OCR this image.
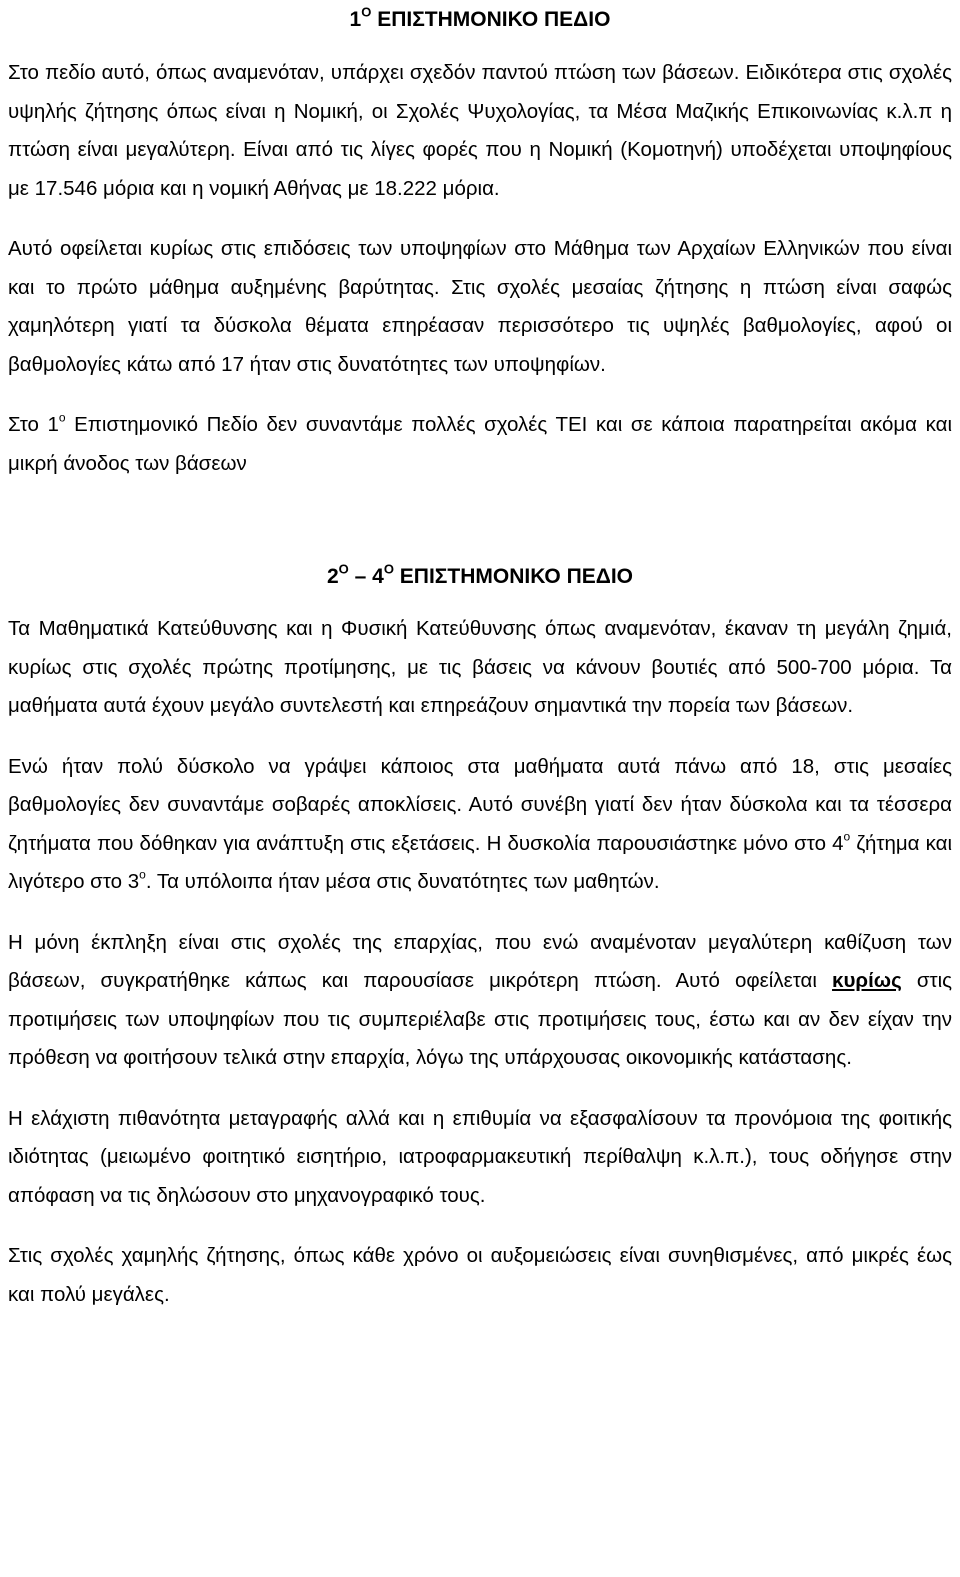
$1^O$ ΕΠΙΣΤΗΜΟΝΙΚΟ ΠΕΔΙΟ

Στο πεδίο αυτό, όπως αναμενόταν, υπάρχει σχεδόν παντού πτώση των βάσεων. Ειδικότερα στις σχολές υψηλής ζήτησης όπως είναι η Νομική, οι Σχολές Ψυχολογίας, τα Μέσα Μαζικής Επικοινωνίας κ.λ.π η πτώση είναι μεγαλύτερη. Είναι από τις λίγες φορές που η Νομική (Κομοτηνή) υποδέχεται υποψηφίους με 17.546 μόρια και η νομική Αθήνας με 18.222 μόρια.

Αυτό οφείλεται κυρίως στις επιδόσεις των υποψηφίων στο Μάθημα των Αρχαίων Ελληνικών που είναι και το πρώτο μάθημα αυξημένης βαρύτητας. Στις σχολές μεσαίας ζήτησης η πτώση είναι σαφώς χαμηλότερη γιατί τα δύσκολα θέματα επηρέασαν περισσότερο τις υψηλές βαθμολογίες, αφού οι βαθμολογίες κάτω από 17 ήταν στις δυνατότητες των υποψηφίων.

Στο $1^o$ Επιστημονικό Πεδίο δεν συναντάμε πολλές σχολές ΤΕΙ και σε κάποια παρατηρείται ακόμα και μικρή άνοδος των βάσεων

$2^O - 4^O$ ΕΠΙΣΤΗΜΟΝΙΚΟ ΠΕΔΙΟ

Τα Μαθηματικά Κατεύθυνσης και η Φυσική Κατεύθυνσης όπως αναμενόταν, έκαναν τη μεγάλη ζημιά, κυρίως στις σχολές πρώτης προτίμησης, με τις βάσεις να κάνουν βουτιές από 500-700 μόρια. Τα μαθήματα αυτά έχουν μεγάλο συντελεστή και επηρεάζουν σημαντικά την πορεία των βάσεων.

Ενώ ήταν πολύ δύσκολο να γράψει κάποιος στα μαθήματα αυτά πάνω από 18, στις μεσαίες βαθμολογίες δεν συναντάμε σοβαρές αποκλίσεις. Αυτό συνέβη γιατί δεν ήταν δύσκολα και τα τέσσερα ζητήματα που δόθηκαν για ανάπτυξη στις εξετάσεις. Η δυσκολία παρουσιάστηκε μόνο στο $4^o$ ζήτημα και λιγότερο στο $3^o$. Τα υπόλοιπα ήταν μέσα στις δυνατότητες των μαθητών.

Η μόνη έκπληξη είναι στις σχολές της επαρχίας, που ενώ αναμένοταν μεγαλύτερη καθίζυση των βάσεων, συγκρατήθηκε κάπως και παρουσίασε μικρότερη πτώση. Αυτό οφείλεται κυρίως στις προτιμήσεις των υποψηφίων που τις συμπεριέλαβε στις προτιμήσεις τους, έστω και αν δεν είχαν την πρόθεση να φοιτήσουν τελικά στην επαρχία, λόγω της υπάρχουσας οικονομικής κατάστασης.

Η ελάχιστη πιθανότητα μεταγραφής αλλά και η επιθυμία να εξασφαλίσουν τα προνόμοια της φοιτικής ιδιότητας (μειωμένο φοιτητικό εισητήριο, ιατροφαρμακευτική περίθαλψη κ.λ.π.), τους οδήγησε στην απόφαση να τις δηλώσουν στο μηχανογραφικό τους.

Στις σχολές χαμηλής ζήτησης, όπως κάθε χρόνο οι αυξομειώσεις είναι συνηθισμένες, από μικρές έως και πολύ μεγάλες.
